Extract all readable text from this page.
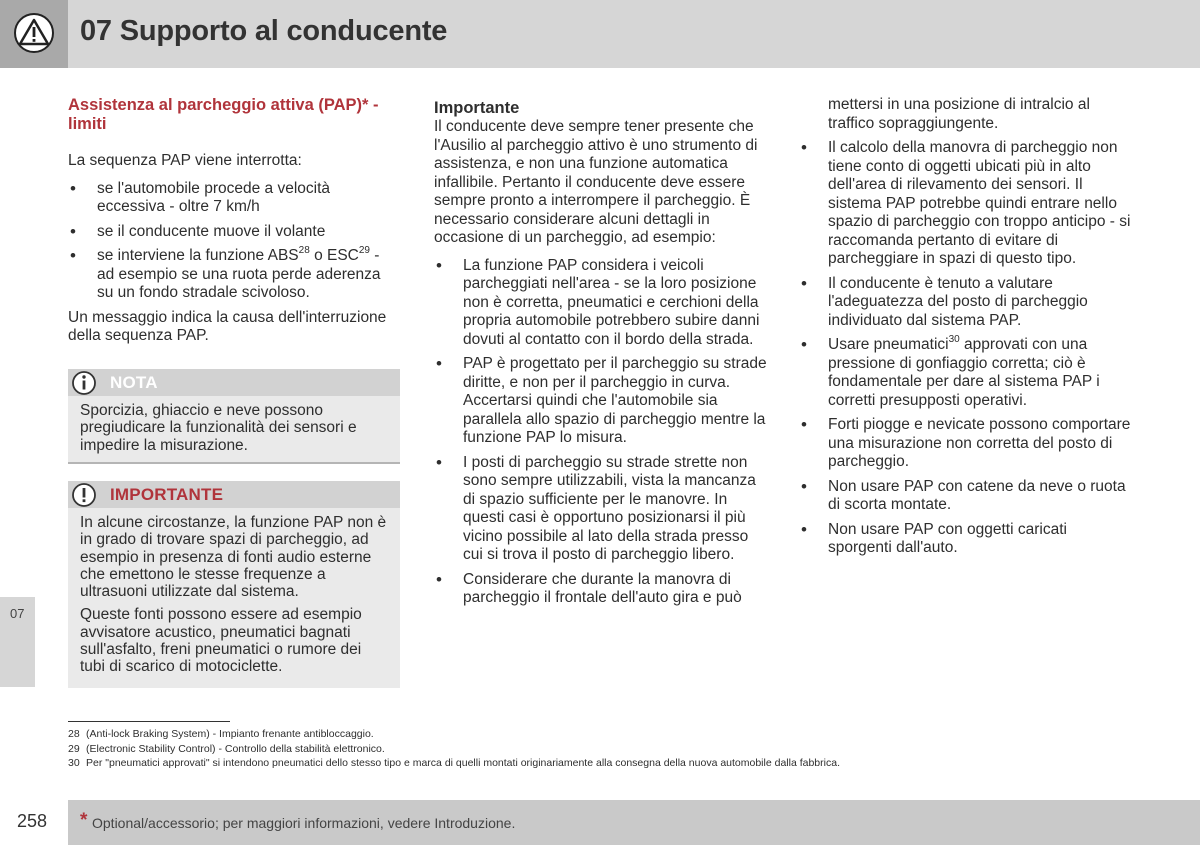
07 Supporto al conducente
07
Assistenza al parcheggio attiva (PAP)* - limiti

La sequenza PAP viene interrotta:

• se l'automobile procede a velocità eccessiva - oltre 7 km/h
• se il conducente muove il volante
• se interviene la funzione ABS$^{28}$ o ESC$^{29}$ - ad esempio se una ruota perde aderenza su un fondo stradale scivoloso.

Un messaggio indica la causa dell'interruzione della sequenza PAP.

NOTA

Sporcizia, ghiaccio e neve possono pregiudicare la funzionalità dei sensori e impedire la misurazione.

IMPORTANTE

In alcune circostanze, la funzione PAP non è in grado di trovare spazi di parcheggio, ad esempio in presenza di fonti audio esterne che emettono le stesse frequenze a ultrasuoni utilizzate dal sistema.

Queste fonti possono essere ad esempio avvisatore acustico, pneumatici bagnati sull'asfalto, freni pneumatici o rumore dei tubi di scarico di motociclette.

Importante

Il conducente deve sempre tener presente che l'Ausilio al parcheggio attivo è uno strumento di assistenza, e non una funzione automatica infallibile. Pertanto il conducente deve essere sempre pronto a interrompere il parcheggio. È necessario considerare alcuni dettagli in occasione di un parcheggio, ad esempio:

• La funzione PAP considera i veicoli parcheggiati nell'area - se la loro posizione non è corretta, pneumatici e cerchioni della propria automobile potrebbero subire danni dovuti al contatto con il bordo della strada.
• PAP è progettato per il parcheggio su strade diritte, e non per il parcheggio in curva. Accertarsi quindi che l'automobile sia parallela allo spazio di parcheggio mentre la funzione PAP lo misura.
• I posti di parcheggio su strade strette non sono sempre utilizzabili, vista la mancanza di spazio sufficiente per le manovre. In questi casi è opportuno posizionarsi il più vicino possibile al lato della strada presso cui si trova il posto di parcheggio libero.
• Considerare che durante la manovra di parcheggio il frontale dell'auto gira e può

mettersi in una posizione di intralcio al traffico sopraggiungente.

• Il calcolo della manovra di parcheggio non tiene conto di oggetti ubicati più in alto dell'area di rilevamento dei sensori. Il sistema PAP potrebbe quindi entrare nello spazio di parcheggio con troppo anticipo - si raccomanda pertanto di evitare di parcheggiare in spazi di questo tipo.
• Il conducente è tenuto a valutare l'adeguatezza del posto di parcheggio individuato dal sistema PAP.
• Usare pneumatici$^{30}$ approvati con una pressione di gonfiaggio corretta; ciò è fondamentale per dare al sistema PAP i corretti presupposti operativi.
• Forti piogge e nevicate possono comportare una misurazione non corretta del posto di parcheggio.
• Non usare PAP con catene da neve o ruota di scorta montate.
• Non usare PAP con oggetti caricati sporgenti dall'auto.
28 (Anti-lock Braking System) - Impianto frenante antibloccaggio.
29 (Electronic Stability Control) - Controllo della stabilità elettronico.
30 Per "pneumatici approvati" si intendono pneumatici dello stesso tipo e marca di quelli montati originariamente alla consegna della nuova automobile dalla fabbrica.
258 * Optional/accessorio; per maggiori informazioni, vedere Introduzione.
